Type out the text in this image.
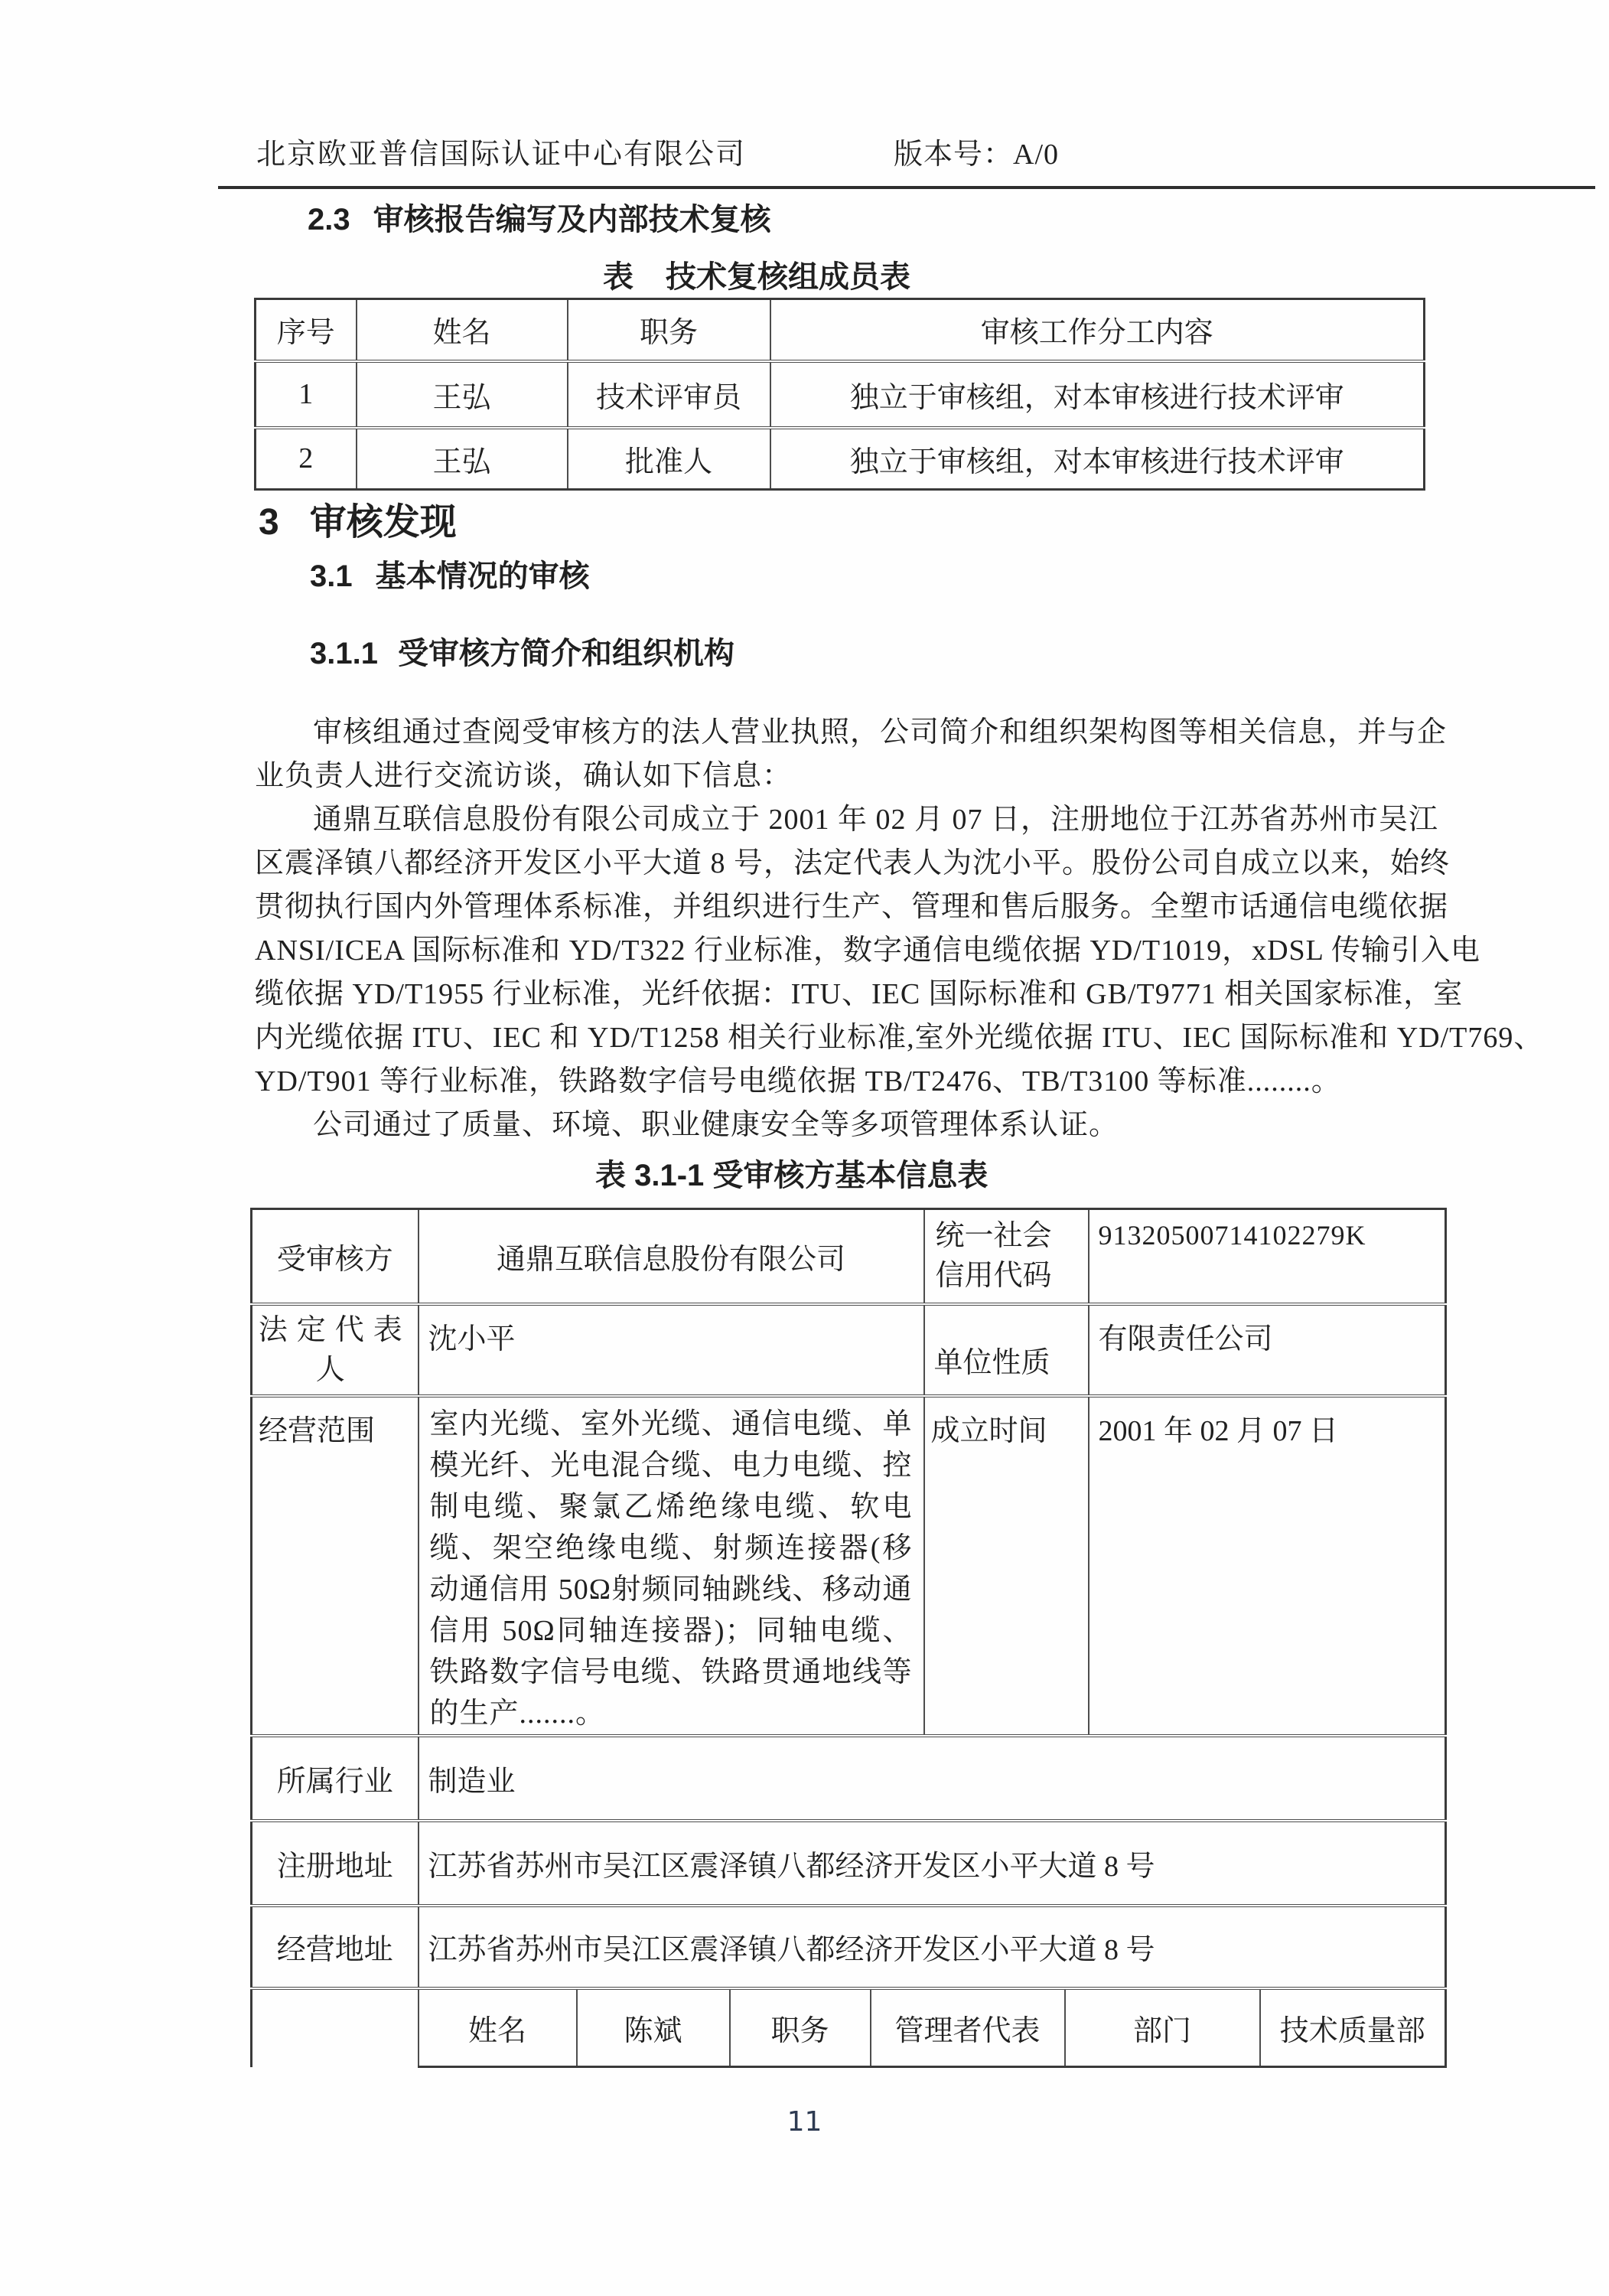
北京欧亚普信国际认证中心有限公司	版本号：A/0
2.3 审核报告编写及内部技术复核
表 技术复核组成员表
序号	姓名	职务	审核工作分工内容
1	王弘	技术评审员	独立于审核组，对本审核进行技术评审
2	王弘	批准人	独立于审核组，对本审核进行技术评审
3 审核发现
3.1 基本情况的审核
3.1.1 受审核方简介和组织机构
审核组通过查阅受审核方的法人营业执照，公司简介和组织架构图等相关信息，并与企
业负责人进行交流访谈，确认如下信息：
通鼎互联信息股份有限公司成立于 2001 年 02 月 07 日，注册地位于江苏省苏州市吴江
区震泽镇八都经济开发区小平大道 8 号，法定代表人为沈小平。股份公司自成立以来，始终
贯彻执行国内外管理体系标准，并组织进行生产、管理和售后服务。全塑市话通信电缆依据
ANSI/ICEA 国际标准和 YD/T322 行业标准，数字通信电缆依据 YD/T1019，xDSL 传输引入电
缆依据 YD/T1955 行业标准，光纤依据：ITU、IEC 国际标准和 GB/T9771 相关国家标准，室
内光缆依据 ITU、IEC 和 YD/T1258 相关行业标准,室外光缆依据 ITU、IEC 国际标准和 YD/T769、
YD/T901 等行业标准，铁路数字信号电缆依据 TB/T2476、TB/T3100 等标准........。
公司通过了质量、环境、职业健康安全等多项管理体系认证。
表 3.1-1 受审核方基本信息表
受审核方	通鼎互联信息股份有限公司				统一社会信用代码		91320500714102279K	
法定代表人	沈小平				单位性质		有限责任公司	
经营范围	室内光缆、室外光缆、通信电缆、单模光纤、光电混合缆、电力电缆、控制电缆、聚氯乙烯绝缘电缆、软电缆、架空绝缘电缆、射频连接器(移动通信用 50Ω射频同轴跳线、移动通信用 50Ω同轴连接器)；同轴电缆、铁路数字信号电缆、铁路贯通地线等的生产.......。				成立时间		2001 年 02 月 07 日	
所属行业	制造业							
注册地址	江苏省苏州市吴江区震泽镇八都经济开发区小平大道 8 号							
经营地址	江苏省苏州市吴江区震泽镇八都经济开发区小平大道 8 号							
	姓名	陈斌	职务	管理者代表		部门		技术质量部
11
